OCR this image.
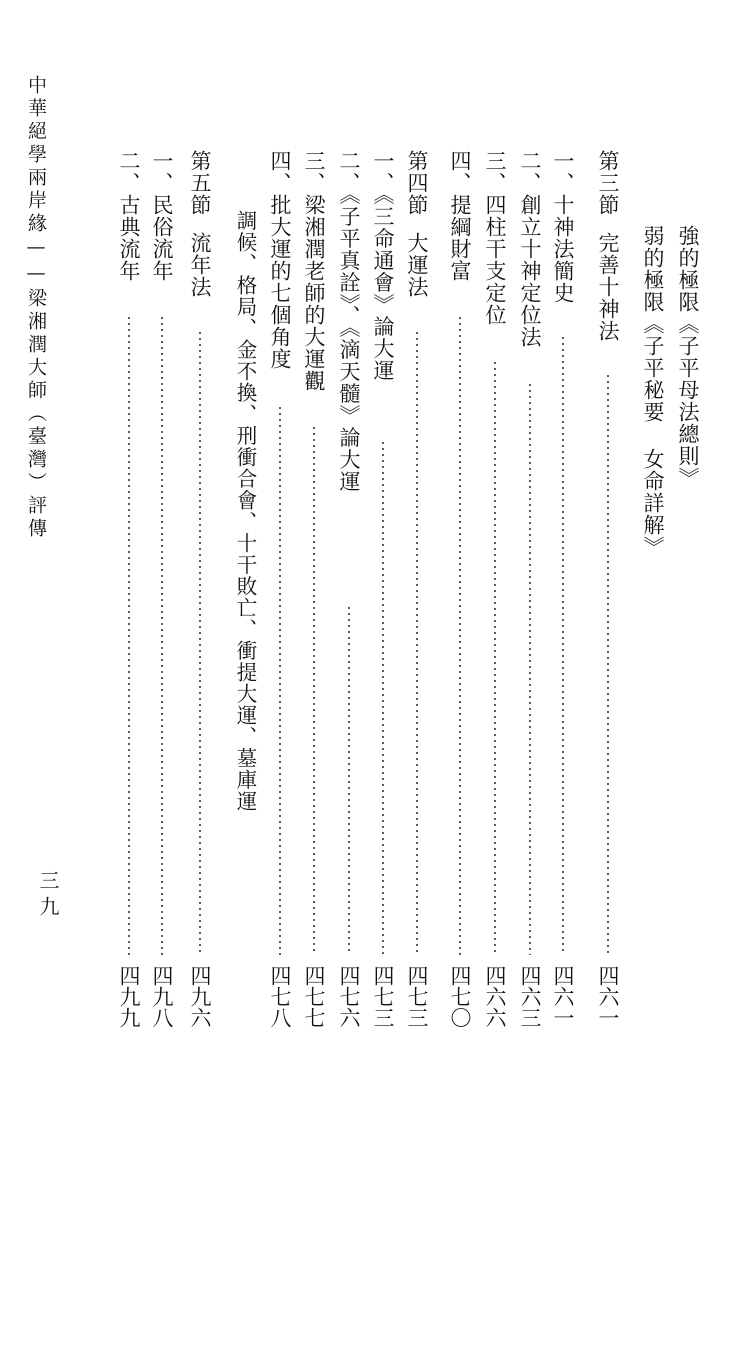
中華絕學兩岸緣——梁湘潤大師（臺灣）評傳
三九
強的極限《子平母法總則》
弱的極限《子平秘要 女命詳解》
第三節完善十神法
四六一
一、十神法簡史
四六一
二、創立十神定位法
四六三
三、四柱干支定位
四六六
四、提綱財富
四七〇
第四節大運法
四七三
一、《三命通會》論大運
四七三
二、《子平真詮》、《滴天髓》論大運
四七六
三、梁湘潤老師的大運觀
四七七
四、批大運的七個角度
四七八
調候、格局、金不換、刑衝合會、十干敗亡、衝提大運、墓庫運
第五節流年法
四九六
一、民俗流年
四九八
二、古典流年
四九九
